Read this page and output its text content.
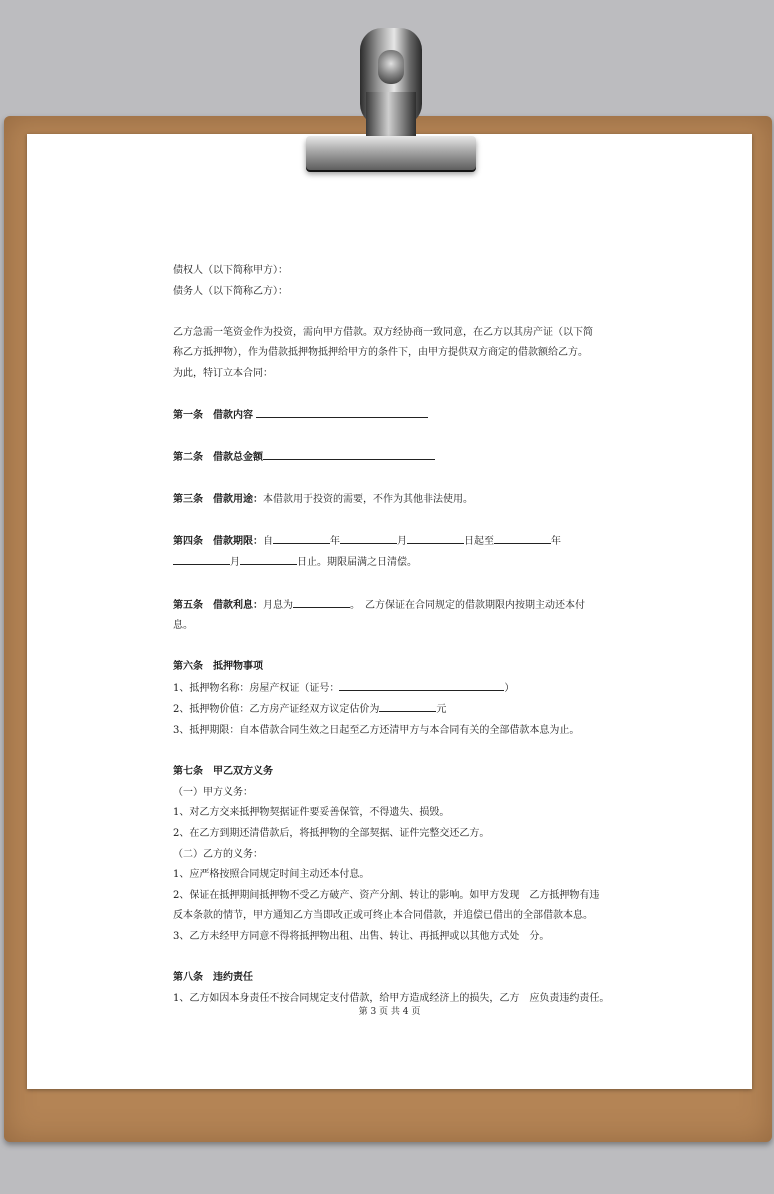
债权人（以下简称甲方）：
债务人（以下简称乙方）：
乙方急需一笔资金作为投资，需向甲方借款。双方经协商一致同意，在乙方以其房产证（以下简
称乙方抵押物），作为借款抵押物抵押给甲方的条件下，由甲方提供双方商定的借款额给乙方。
为此，特订立本合同：
第一条　借款内容
第二条　借款总金额
第三条　借款用途：本借款用于投资的需要，不作为其他非法使用。
第四条　借款期限：自	年	月	日起至	年
月	日止。期限届满之日清偿。
第五条　借款利息：月息为	。　乙方保证在合同规定的借款期限内按期主动还本付
息。
第六条　抵押物事项
1、抵押物名称：房屋产权证（证号：	）
2、抵押物价值：乙方房产证经双方议定估价为	元
3、抵押期限：自本借款合同生效之日起至乙方还清甲方与本合同有关的全部借款本息为止。
第七条　甲乙双方义务
（一）甲方义务：
1、对乙方交来抵押物契据证件要妥善保管，不得遗失、损毁。
2、在乙方到期还清借款后，将抵押物的全部契据、证件完整交还乙方。
（二）乙方的义务：
1、应严格按照合同规定时间主动还本付息。
2、保证在抵押期间抵押物不受乙方破产、资产分割、转让的影响。如甲方发现　乙方抵押物有违
反本条款的情节，甲方通知乙方当即改正或可终止本合同借款，并追偿已借出的全部借款本息。
3、乙方未经甲方同意不得将抵押物出租、出售、转让、再抵押或以其他方式处　分。
第八条　违约责任
1、乙方如因本身责任不按合同规定支付借款，给甲方造成经济上的损失，乙方　应负责违约责任。
第 3 页 共 4 页
